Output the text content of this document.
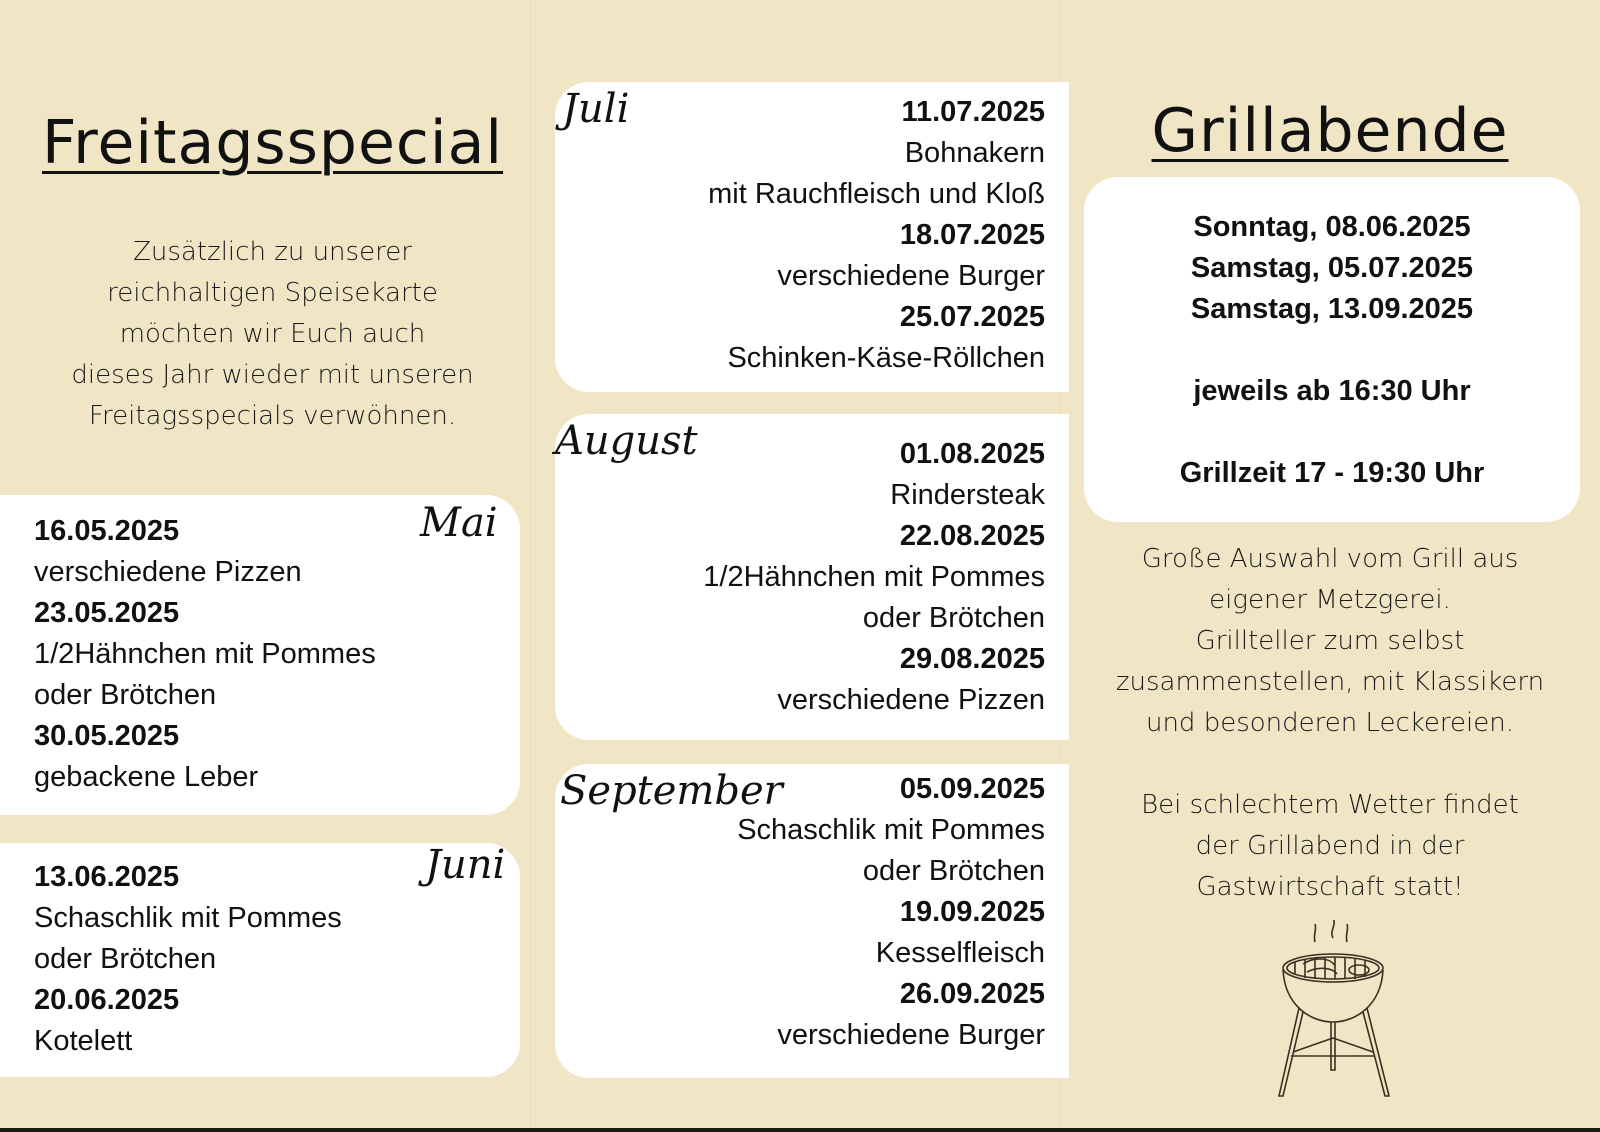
Freitagsspecial
Zusätzlich zu unserer
reichhaltigen Speisekarte
möchten wir Euch auch
dieses Jahr wieder mit unseren
Freitagsspecials verwöhnen.
Mai
16.05.2025
verschiedene Pizzen
23.05.2025
1/2Hähnchen mit Pommes
oder Brötchen
30.05.2025
gebackene Leber
Juni
13.06.2025
Schaschlik mit Pommes
oder Brötchen
20.06.2025
Kotelett
Juli	11.07.2025
Bohnakern
mit Rauchfleisch und Kloß
18.07.2025
verschiedene Burger
25.07.2025
Schinken-Käse-Röllchen
August	01.08.2025
Rindersteak
22.08.2025
1/2Hähnchen mit Pommes
oder Brötchen
29.08.2025
verschiedene Pizzen
September	05.09.2025
Schaschlik mit Pommes
oder Brötchen
19.09.2025
Kesselfleisch
26.09.2025
verschiedene Burger
Grillabende
Sonntag, 08.06.2025
Samstag, 05.07.2025
Samstag, 13.09.2025
jeweils ab 16:30 Uhr
Grillzeit 17 - 19:30 Uhr
Große Auswahl vom Grill aus
eigener Metzgerei.
Grillteller zum selbst
zusammenstellen, mit Klassikern
und besonderen Leckereien.
Bei schlechtem Wetter findet
der Grillabend in der
Gastwirtschaft statt!
